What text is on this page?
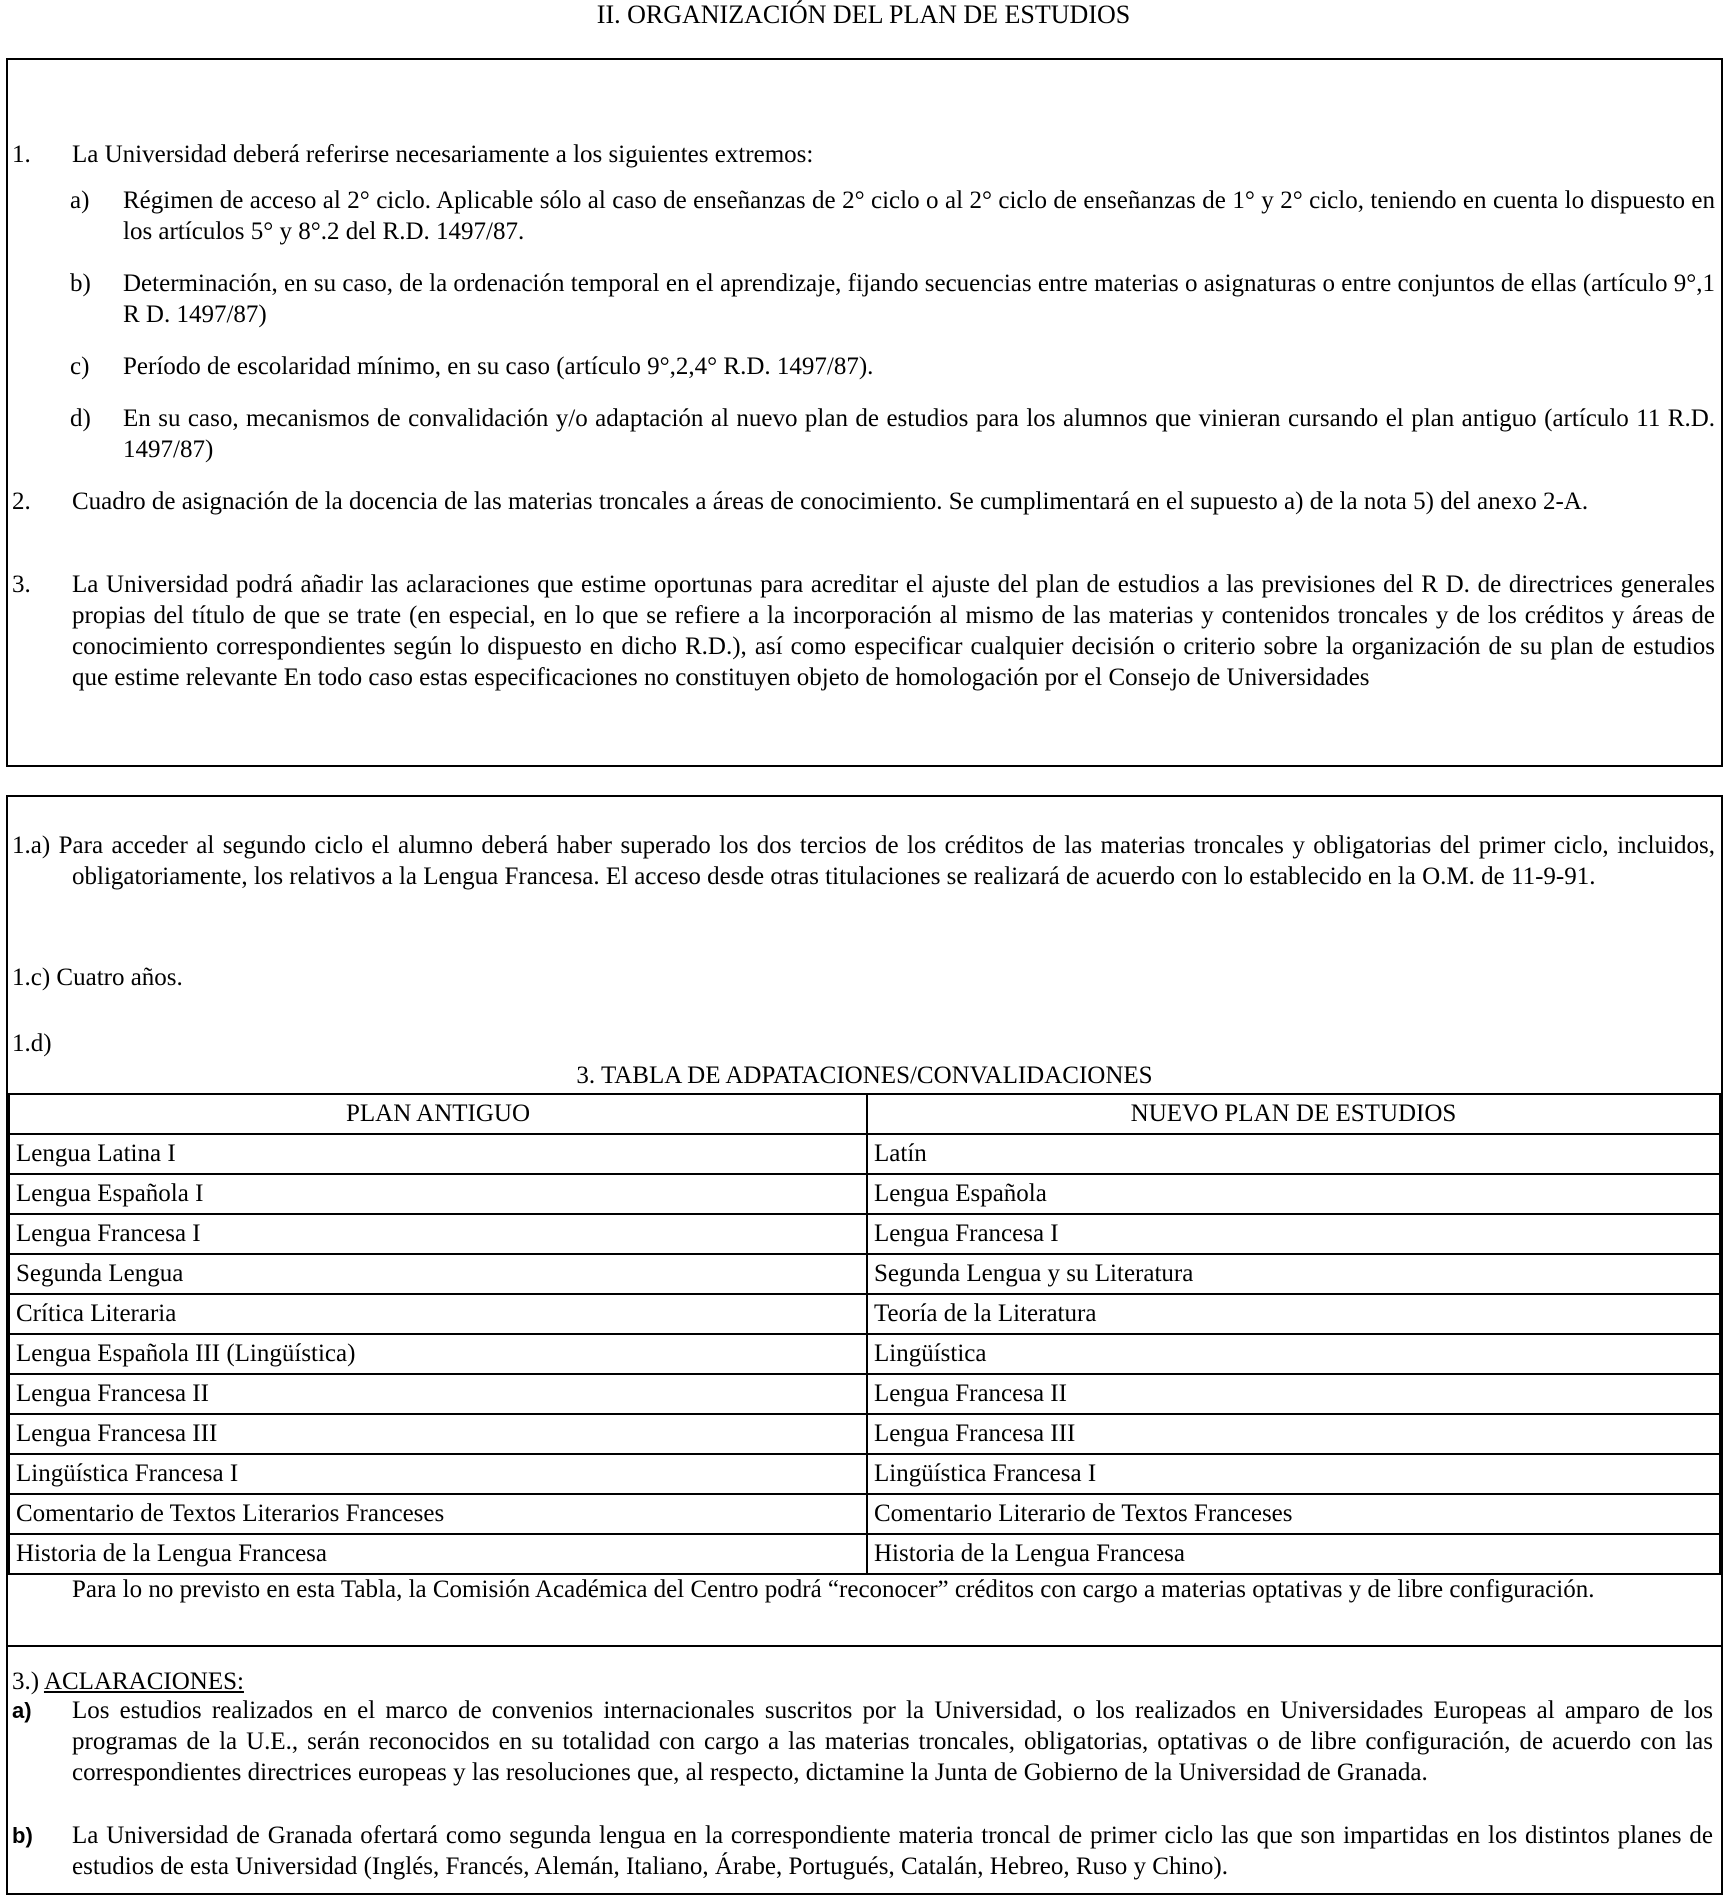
II. ORGANIZACIÓN DEL PLAN DE ESTUDIOS
1. La Universidad deberá referirse necesariamente a los siguientes extremos:
a) Régimen de acceso al 2° ciclo. Aplicable sólo al caso de enseñanzas de 2° ciclo o al 2° ciclo de enseñanzas de 1° y 2° ciclo, teniendo en cuenta lo dispuesto en los artículos 5° y 8°.2 del R.D. 1497/87.
b) Determinación, en su caso, de la ordenación temporal en el aprendizaje, fijando secuencias entre materias o asignaturas o entre conjuntos de ellas (artículo 9°,1 R D. 1497/87)
c) Período de escolaridad mínimo, en su caso (artículo 9°,2,4° R.D. 1497/87).
d) En su caso, mecanismos de convalidación y/o adaptación al nuevo plan de estudios para los alumnos que vinieran cursando el plan antiguo (artículo 11 R.D. 1497/87)
2. Cuadro de asignación de la docencia de las materias troncales a áreas de conocimiento. Se cumplimentará en el supuesto a) de la nota 5) del anexo 2-A.
3. La Universidad podrá añadir las aclaraciones que estime oportunas para acreditar el ajuste del plan de estudios a las previsiones del R D. de directrices generales propias del título de que se trate (en especial, en lo que se refiere a la incorporación al mismo de las materias y contenidos troncales y de los créditos y áreas de conocimiento correspondientes según lo dispuesto en dicho R.D.), así como especificar cualquier decisión o criterio sobre la organización de su plan de estudios que estime relevante En todo caso estas especificaciones no constituyen objeto de homologación por el Consejo de Universidades
1.a) Para acceder al segundo ciclo el alumno deberá haber superado los dos tercios de los créditos de las materias troncales y obligatorias del primer ciclo, incluidos, obligatoriamente, los relativos a la Lengua Francesa. El acceso desde otras titulaciones se realizará de acuerdo con lo establecido en la O.M. de 11-9-91.
1.c) Cuatro años.
1.d)
3. TABLA DE ADPATACIONES/CONVALIDACIONES
PLAN ANTIGUO	NUEVO PLAN DE ESTUDIOS
Lengua Latina I	Latín
Lengua Española I	Lengua Española
Lengua Francesa I	Lengua Francesa I
Segunda Lengua	Segunda Lengua y su Literatura
Crítica Literaria	Teoría de la Literatura
Lengua Española III (Lingüística)	Lingüística
Lengua Francesa II	Lengua Francesa II
Lengua Francesa III	Lengua Francesa III
Lingüística Francesa I	Lingüística Francesa I
Comentario de Textos Literarios Franceses	Comentario Literario de Textos Franceses
Historia de la Lengua Francesa	Historia de la Lengua Francesa
Para lo no previsto en esta Tabla, la Comisión Académica del Centro podrá “reconocer” créditos con cargo a materias optativas y de libre configuración.
3.) ACLARACIONES:
a) Los estudios realizados en el marco de convenios internacionales suscritos por la Universidad, o los realizados en Universidades Europeas al amparo de los programas de la U.E., serán reconocidos en su totalidad con cargo a las materias troncales, obligatorias, optativas o de libre configuración, de acuerdo con las correspondientes directrices europeas y las resoluciones que, al respecto, dictamine la Junta de Gobierno de la Universidad de Granada.
b) La Universidad de Granada ofertará como segunda lengua en la correspondiente materia troncal de primer ciclo las que son impartidas en los distintos planes de estudios de esta Universidad (Inglés, Francés, Alemán, Italiano, Árabe, Portugués, Catalán, Hebreo, Ruso y Chino).
